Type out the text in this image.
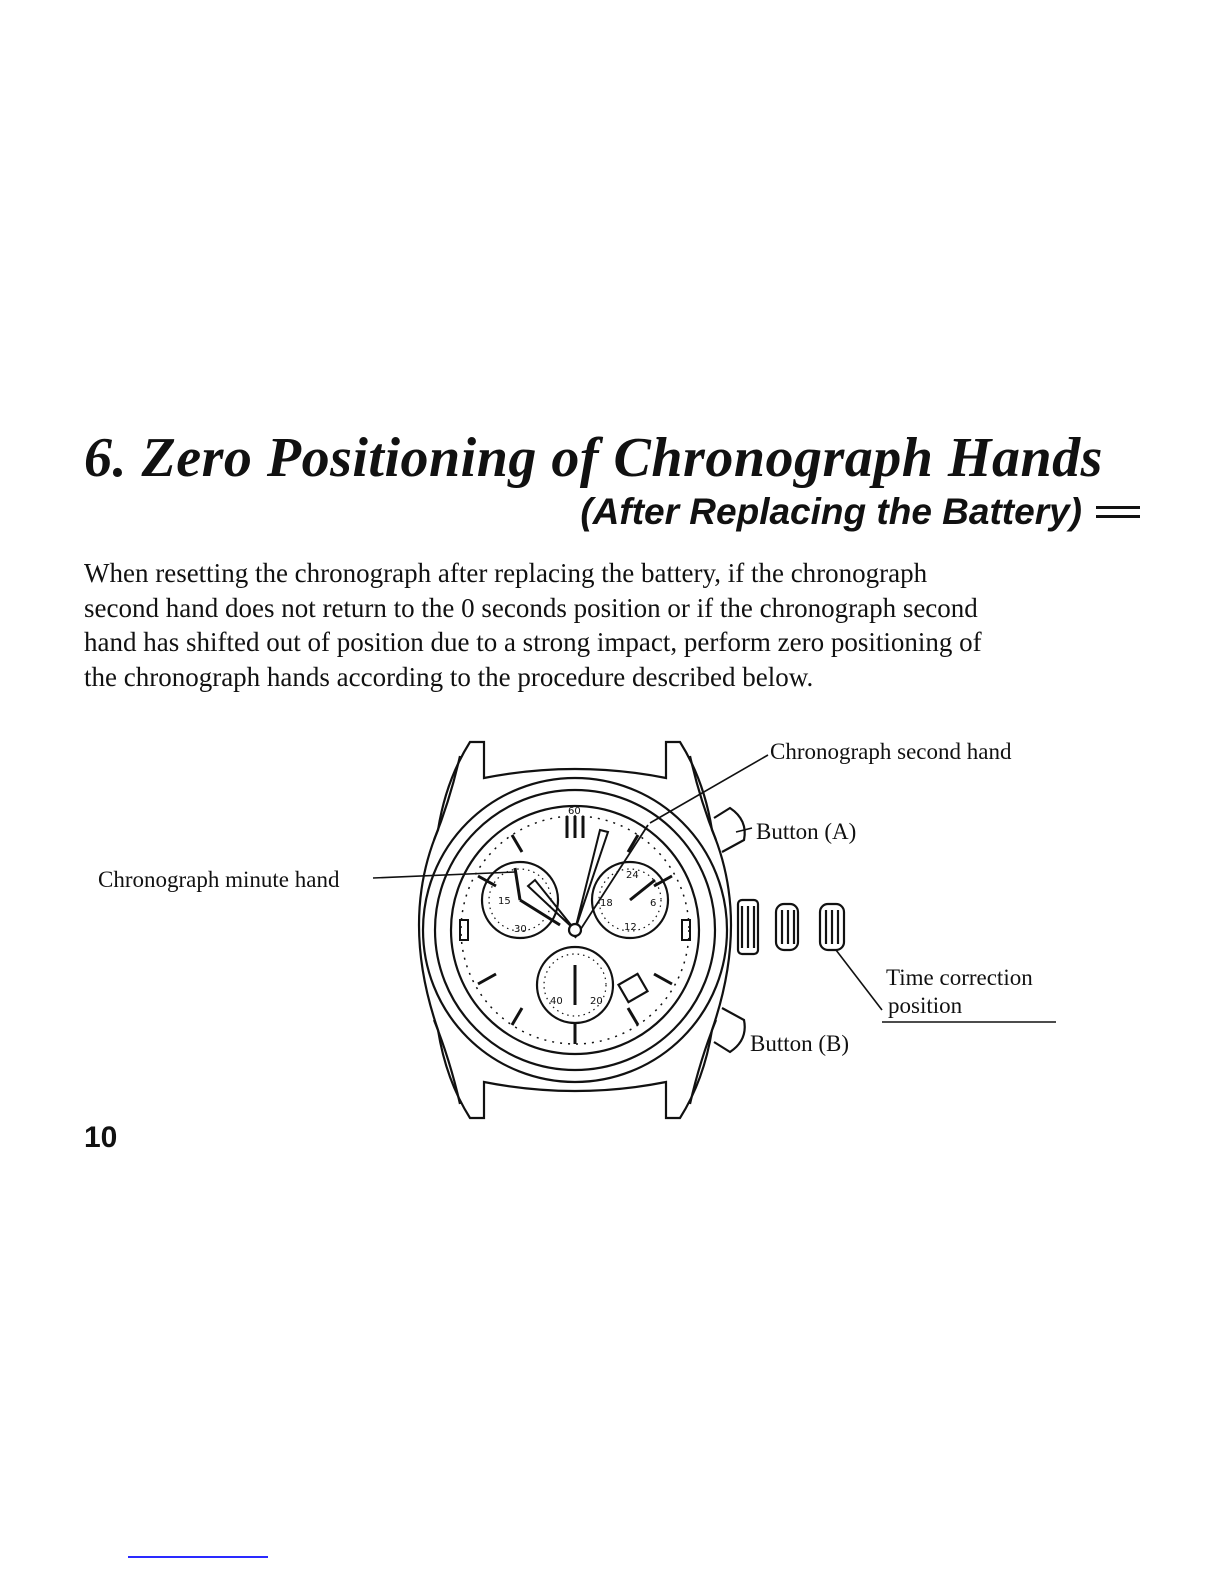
6. Zero Positioning of Chronograph Hands
(After Replacing the Battery)

When resetting the chronograph after replacing the battery, if the chronograph
second hand does not return to the 0 seconds position or if the chronograph second
hand has shifted out of position due to a strong impact, perform zero positioning of
the chronograph hands according to the procedure described below.

Chronograph second hand
Button (A)
Chronograph minute hand
Time correction
position
Button (B)
60
15
30
24
12
6
18
40	20
10
